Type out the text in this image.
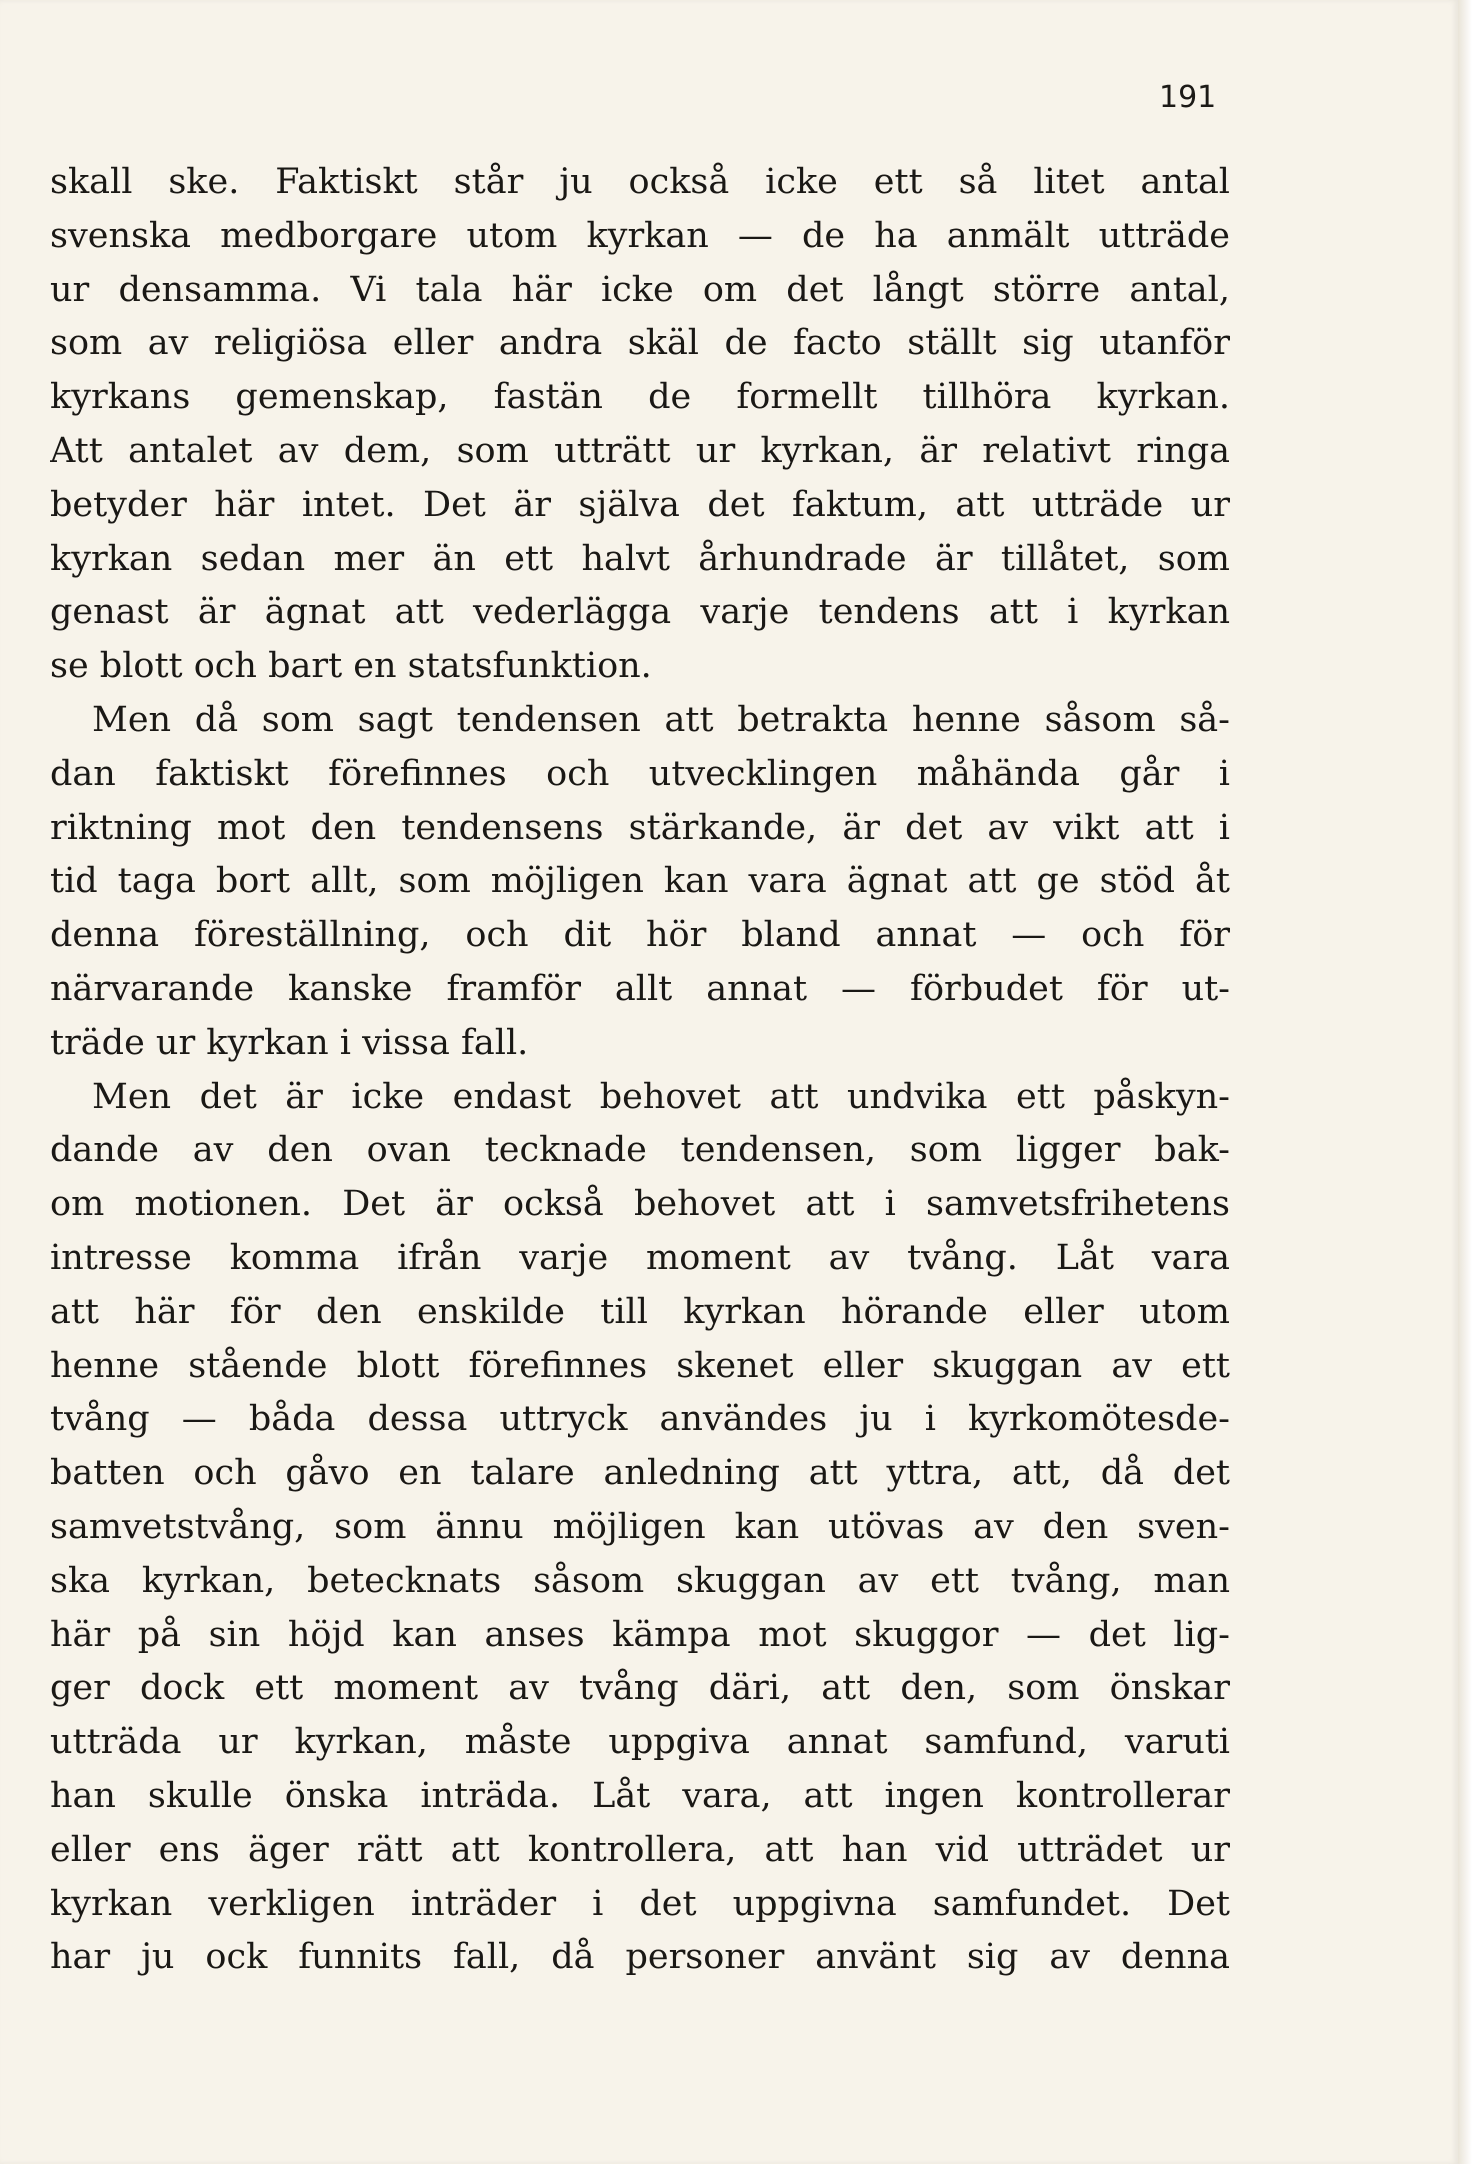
191
skall ske. Faktiskt står ju också icke ett så litet antal
svenska medborgare utom kyrkan — de ha anmält utträde
ur densamma. Vi tala här icke om det långt större antal,
som av religiösa eller andra skäl de facto ställt sig utanför
kyrkans gemenskap, fastän de formellt tillhöra kyrkan.
Att antalet av dem, som utträtt ur kyrkan, är relativt ringa
betyder här intet. Det är själva det faktum, att utträde ur
kyrkan sedan mer än ett halvt århundrade är tillåtet, som
genast är ägnat att vederlägga varje tendens att i kyrkan
se blott och bart en statsfunktion.
Men då som sagt tendensen att betrakta henne såsom så-
dan faktiskt förefinnes och utvecklingen måhända går i
riktning mot den tendensens stärkande, är det av vikt att i
tid taga bort allt, som möjligen kan vara ägnat att ge stöd åt
denna föreställning, och dit hör bland annat — och för
närvarande kanske framför allt annat — förbudet för ut-
träde ur kyrkan i vissa fall.
Men det är icke endast behovet att undvika ett påskyn-
dande av den ovan tecknade tendensen, som ligger bak-
om motionen. Det är också behovet att i samvetsfrihetens
intresse komma ifrån varje moment av tvång. Låt vara
att här för den enskilde till kyrkan hörande eller utom
henne stående blott förefinnes skenet eller skuggan av ett
tvång — båda dessa uttryck användes ju i kyrkomötesde-
batten och gåvo en talare anledning att yttra, att, då det
samvetstvång, som ännu möjligen kan utövas av den sven-
ska kyrkan, betecknats såsom skuggan av ett tvång, man
här på sin höjd kan anses kämpa mot skuggor — det lig-
ger dock ett moment av tvång däri, att den, som önskar
utträda ur kyrkan, måste uppgiva annat samfund, varuti
han skulle önska inträda. Låt vara, att ingen kontrollerar
eller ens äger rätt att kontrollera, att han vid utträdet ur
kyrkan verkligen inträder i det uppgivna samfundet. Det
har ju ock funnits fall, då personer använt sig av denna
